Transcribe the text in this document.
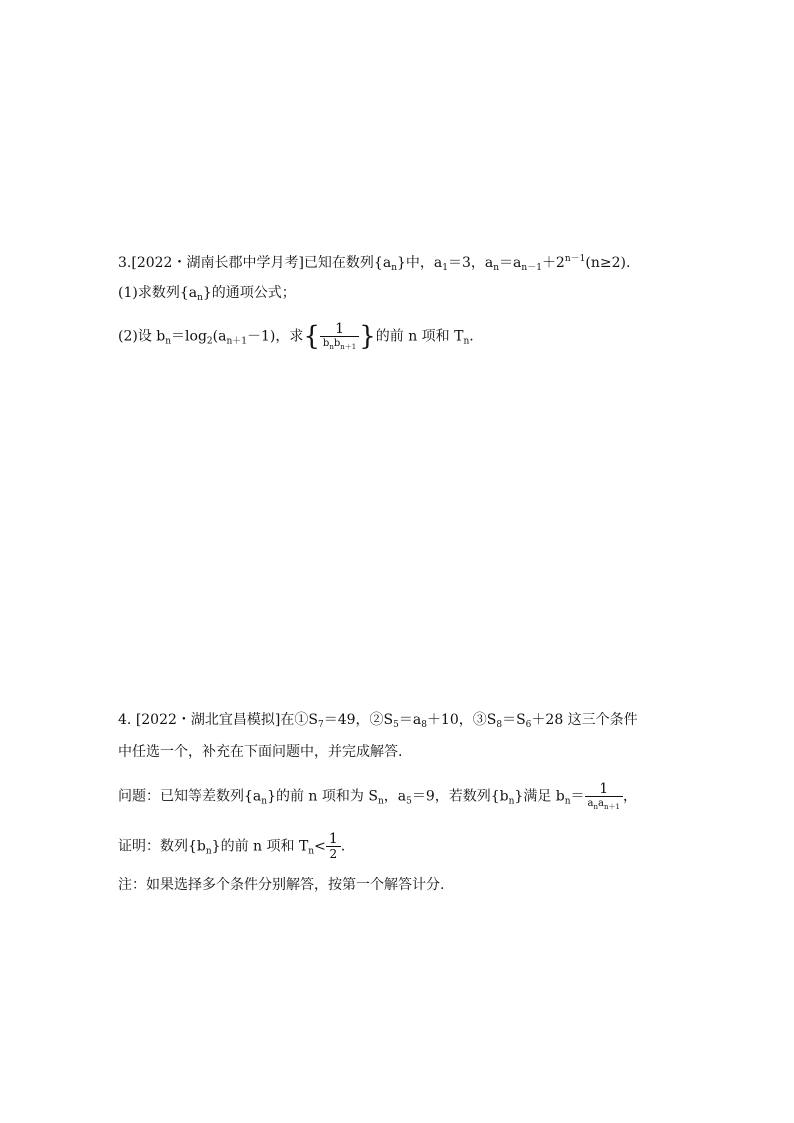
3.[2022・湖南长郡中学月考]已知在数列$\{a_n\}$中，$a_1=3$，$a_n=a_{n-1}+2^{n-1}(n\ge 2)$.
(1)求数列$\{a_n\}$的通项公式；
(2)设 $b_n=\log_2(a_{n+1}-1)$，求{ $\frac{1}{b_nb_{n+1}}$ }的前 n 项和 $T_n$.
4. [2022・湖北宜昌模拟]在$①S_7=49$，$②S_5=a_8+10$，$③S_8=S_6+28$ 这三个条件
中任选一个，补充在下面问题中，并完成解答.
问题：已知等差数列$\{a_n\}$的前 n 项和为 $S_n$，$a_5=9$，若数列$\{b_n\}$满足 $b_n= \frac{1}{a_na_{n+1}}$ ，
证明：数列$\{b_n\}$的前 n 项和 $T_n< \frac{1}{2}$ .
注：如果选择多个条件分别解答，按第一个解答计分.
